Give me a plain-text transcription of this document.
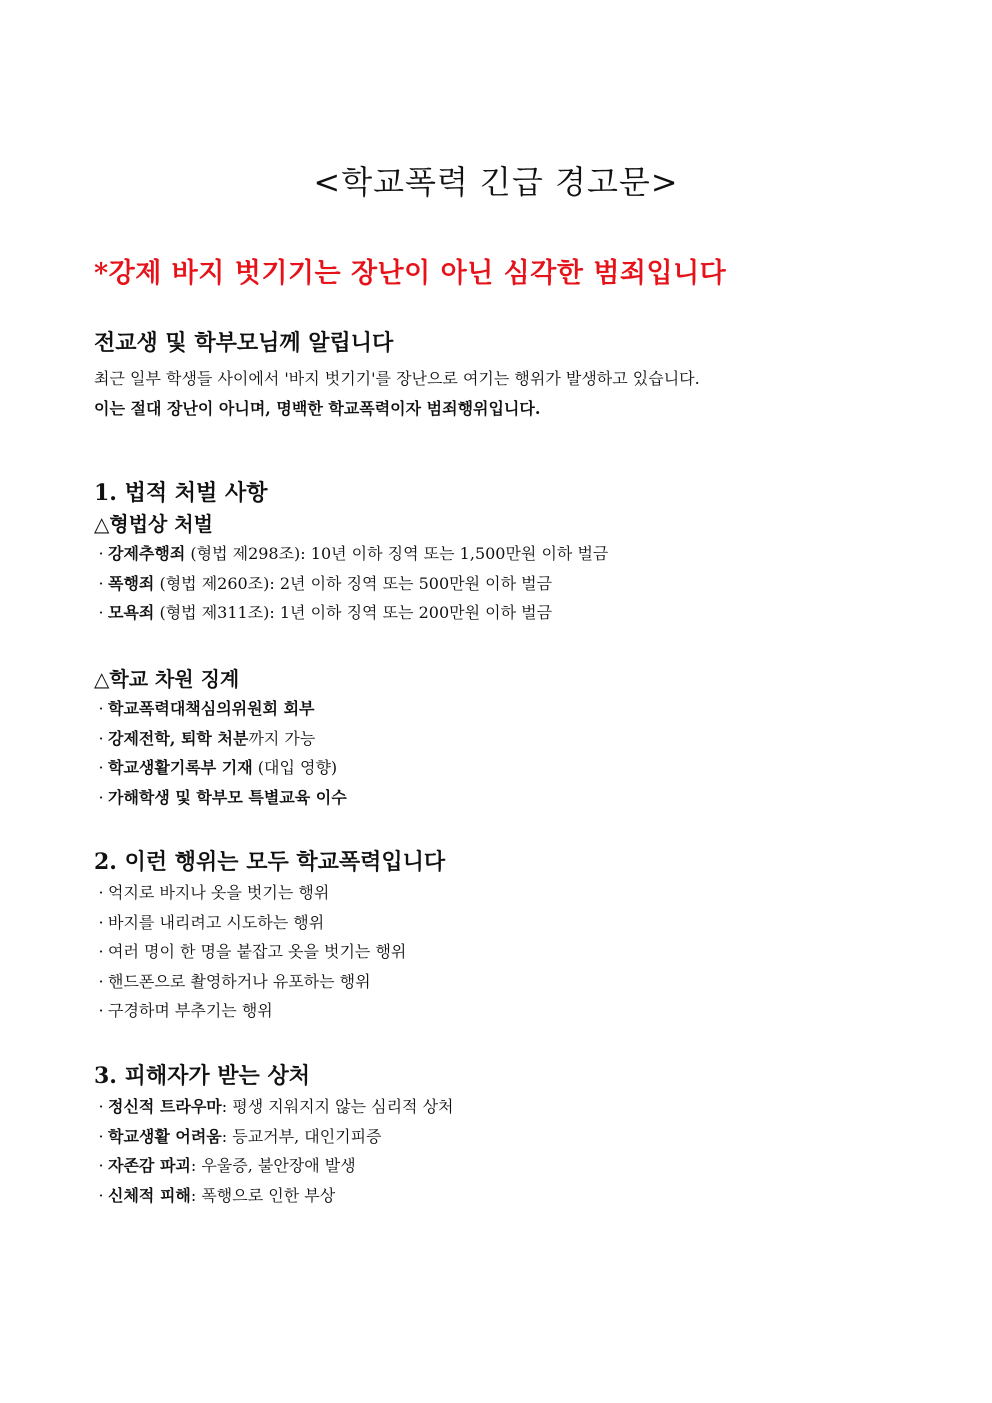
<학교폭력 긴급 경고문>

*강제 바지 벗기기는 장난이 아닌 심각한 범죄입니다

전교생 및 학부모님께 알립니다
최근 일부 학생들 사이에서 '바지 벗기기'를 장난으로 여기는 행위가 발생하고 있습니다.
이는 절대 장난이 아니며, 명백한 학교폭력이자 범죄행위입니다.
1. 법적 처벌 사항
△형법상 처벌
· 강제추행죄 (형법 제298조): 10년 이하 징역 또는 1,500만원 이하 벌금
· 폭행죄 (형법 제260조): 2년 이하 징역 또는 500만원 이하 벌금
· 모욕죄 (형법 제311조): 1년 이하 징역 또는 200만원 이하 벌금
△학교 차원 징계
· 학교폭력대책심의위원회 회부
· 강제전학, 퇴학 처분까지 가능
· 학교생활기록부 기재 (대입 영향)
· 가해학생 및 학부모 특별교육 이수
2. 이런 행위는 모두 학교폭력입니다
· 억지로 바지나 옷을 벗기는 행위
· 바지를 내리려고 시도하는 행위
· 여러 명이 한 명을 붙잡고 옷을 벗기는 행위
· 핸드폰으로 촬영하거나 유포하는 행위
· 구경하며 부추기는 행위
3. 피해자가 받는 상처
· 정신적 트라우마: 평생 지워지지 않는 심리적 상처
· 학교생활 어려움: 등교거부, 대인기피증
· 자존감 파괴: 우울증, 불안장애 발생
· 신체적 피해: 폭행으로 인한 부상
